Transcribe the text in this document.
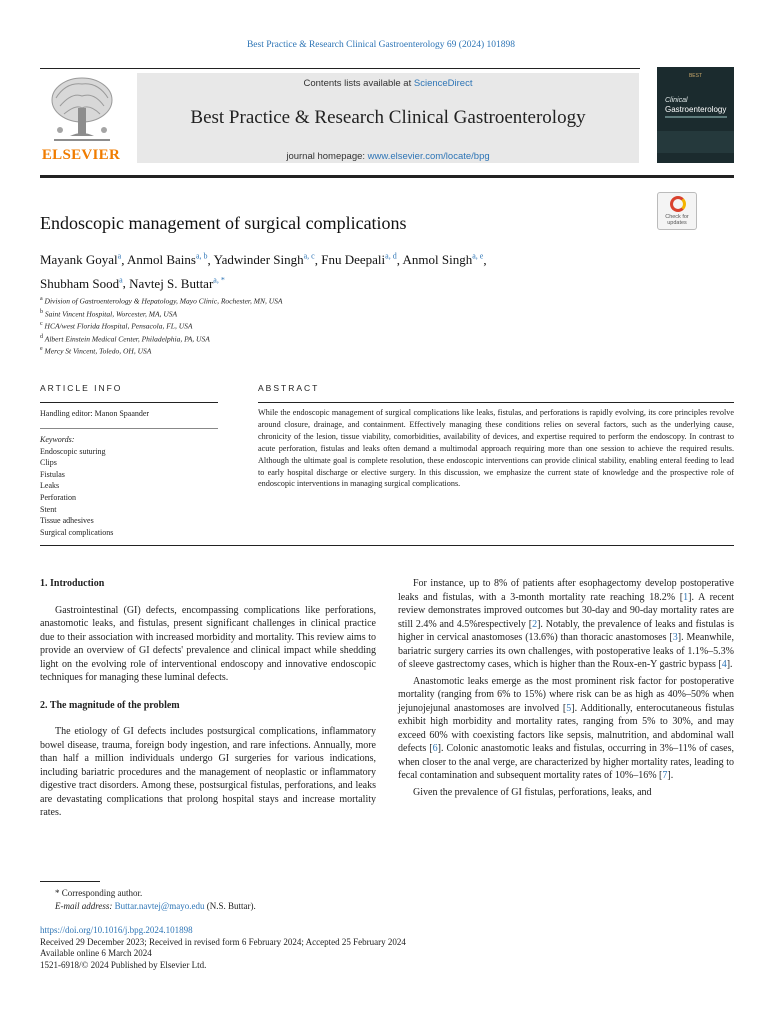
Best Practice & Research Clinical Gastroenterology 69 (2024) 101898
ELSEVIER
Contents lists available at ScienceDirect
Best Practice & Research Clinical Gastroenterology
journal homepage: www.elsevier.com/locate/bpg
BEST
Clinical
Gastroenterology
Check for
updates
Endoscopic management of surgical complications
Mayank Goyal$^a$, Anmol Bains$^{a, b}$, Yadwinder Singh$^{a, c}$, Fnu Deepali$^{a, d}$, Anmol Singh$^{a, e}$,
Shubham Sood$^a$, Navtej S. Buttar$^{a, *}$
$^a$ Division of Gastroenterology & Hepatology, Mayo Clinic, Rochester, MN, USA
$^b$ Saint Vincent Hospital, Worcester, MA, USA
$^c$ HCA/west Florida Hospital, Pensacola, FL, USA
$^d$ Albert Einstein Medical Center, Philadelphia, PA, USA
$^e$ Mercy St Vincent, Toledo, OH, USA
ARTICLE INFO	ABSTRACT
Handling editor: Manon Spaander
Keywords:
Endoscopic suturing
Clips
Fistulas
Leaks
Perforation
Stent
Tissue adhesives
Surgical complications
While the endoscopic management of surgical complications like leaks, fistulas, and perforations is rapidly evolving, its core principles revolve around closure, drainage, and containment. Effectively managing these conditions relies on several factors, such as the underlying cause, chronicity of the lesion, tissue viability, comorbidities, availability of devices, and expertise required to perform the endoscopy. In contrast to acute perforation, fistulas and leaks often demand a multimodal approach requiring more than one session to achieve the required results. Although the ultimate goal is complete resolution, these endoscopic interventions can provide clinical stability, enabling enteral feeding to lead to early hospital discharge or elective surgery. In this discussion, we emphasize the current state of knowledge and the prospective role of endoscopic interventions in managing surgical complications.
1. Introduction

Gastrointestinal (GI) defects, encompassing complications like perforations, anastomotic leaks, and fistulas, present significant challenges in clinical practice due to their association with increased morbidity and mortality. This review aims to provide an overview of GI defects' prevalence and clinical impact while shedding light on the evolving role of interventional endoscopy and innovative endoscopic techniques for managing these luminal defects.

2. The magnitude of the problem

The etiology of GI defects includes postsurgical complications, inflammatory bowel disease, trauma, foreign body ingestion, and rare infections. Annually, more than half a million individuals undergo GI surgeries for various indications, including bariatric procedures and the management of neoplastic or inflammatory digestive tract disorders. Among these, postsurgical fistulas, perforations, and leaks are devastating complications that prolong hospital stays and increase mortality rates.

For instance, up to 8% of patients after esophagectomy develop postoperative leaks and fistulas, with a 3-month mortality rate reaching 18.2% [1]. A recent review demonstrates improved outcomes but 30-day and 90-day mortality rates are still 2.4% and 4.5%respectively [2]. Notably, the prevalence of leaks and fistulas is higher in cervical anastomoses (13.6%) than thoracic anastomoses [3]. Meanwhile, bariatric surgery carries its own challenges, with postoperative leaks of 1.1%–5.3% of sleeve gastrectomy cases, which is higher than the Roux-en-Y gastric bypass [4].

Anastomotic leaks emerge as the most prominent risk factor for postoperative mortality (ranging from 6% to 15%) where risk can be as high as 40%–50% when jejunojejunal anastomoses are involved [5]. Additionally, enterocutaneous fistulas exhibit high morbidity and mortality rates, ranging from 5% to 30%, and may exceed 60% with coexisting factors like sepsis, malnutrition, and abdominal wall defects [6]. Colonic anastomotic leaks and fistulas, occurring in 3%–11% of cases, when closer to the anal verge, are characterized by higher mortality rates, leading to fecal contamination and subsequent mortality rates of 10%–16% [7].

Given the prevalence of GI fistulas, perforations, leaks, and

* Corresponding author.
E-mail address: Buttar.navtej@mayo.edu (N.S. Buttar).
https://doi.org/10.1016/j.bpg.2024.101898
Received 29 December 2023; Received in revised form 6 February 2024; Accepted 25 February 2024
Available online 6 March 2024
1521-6918/© 2024 Published by Elsevier Ltd.
